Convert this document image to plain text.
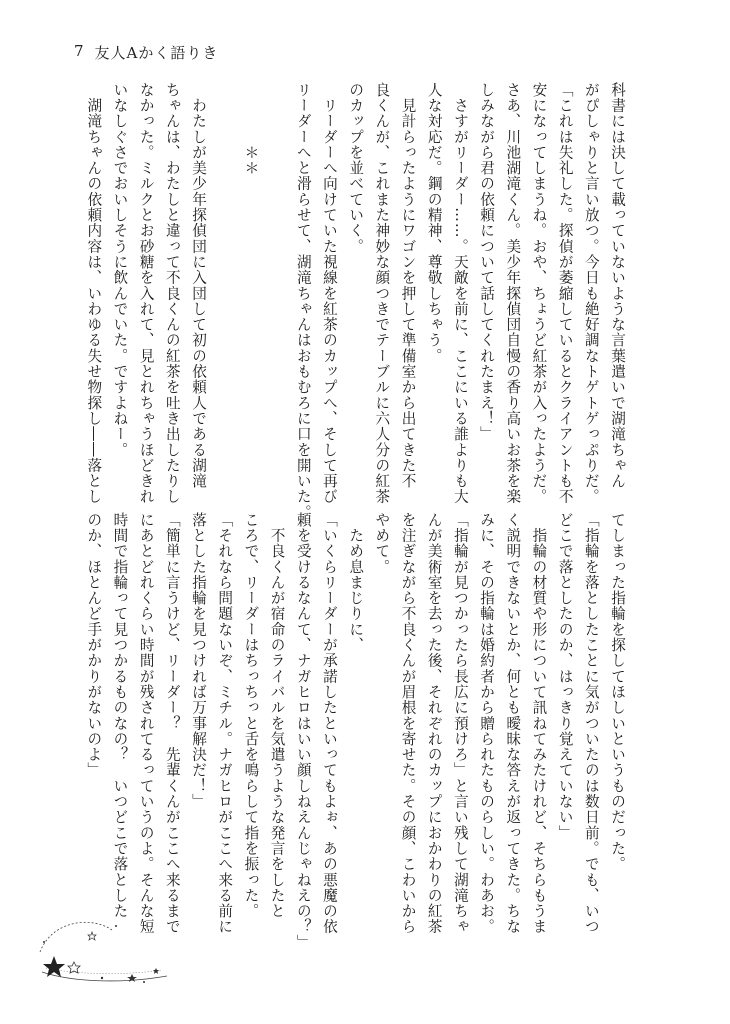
7 友人Aかく語りき
科書には決して載っていないような言葉遣いで湖滝ちゃん
がぴしゃりと言い放つ。今日も絶好調なトゲトゲっぷりだ。
「これは失礼した。探偵が萎縮しているとクライアントも不
安になってしまうね。おや、ちょうど紅茶が入ったようだ。
さあ、川池湖滝くん。美少年探偵団自慢の香り高いお茶を楽
しみながら君の依頼について話してくれたまえ！」
　さすがリーダー……。天敵を前に、ここにいる誰よりも大
人な対応だ。鋼の精神、尊敬しちゃう。
　見計らったようにワゴンを押して準備室から出てきた不
良くんが、これまた神妙な顔つきでテーブルに六人分の紅茶
のカップを並べていく。
　リーダーへ向けていた視線を紅茶のカップへ、そして再び
リーダーへと滑らせて、湖滝ちゃんはおもむろに口を開いた。
　　　　＊＊
　わたしが美少年探偵団に入団して初の依頼人である湖滝
ちゃんは、わたしと違って不良くんの紅茶を吐き出したりし
なかった。ミルクとお砂糖を入れて、見とれちゃうほどきれ
いなしぐさでおいしそうに飲んでいた。ですよねー。
　湖滝ちゃんの依頼内容は、いわゆる失せ物探し――落とし
てしまった指輪を探してほしいというものだった。
「指輪を落としたことに気がついたのは数日前。でも、いつ
どこで落としたのか、はっきり覚えていない」
　指輪の材質や形について訊ねてみたけれど、そちらもうま
く説明できないとか、何とも曖昧な答えが返ってきた。ちな
みに、その指輪は婚約者から贈られたものらしい。わあお。
「指輪が見つかったら長広に預けろ」と言い残して湖滝ちゃ
んが美術室を去った後、それぞれのカップにおかわりの紅茶
を注ぎながら不良くんが眉根を寄せた。その顔、こわいから
やめて。
　ため息まじりに、
「いくらリーダーが承諾したといってもよぉ、あの悪魔の依
頼を受けるなんて、ナガヒロはいい顔しねえんじゃねえの？」
　不良くんが宿命のライバルを気遣うような発言をしたと
ころで、リーダーはちっちっと舌を鳴らして指を振った。
「それなら問題ないぞ、ミチル。ナガヒロがここへ来る前に
落とした指輪を見つければ万事解決だ！」
「簡単に言うけど、リーダー？　先輩くんがここへ来るまで
にあとどれくらい時間が残されてるっていうのよ。そんな短
時間で指輪って見つかるものなの？　いつどこで落とした
のか、ほとんど手がかりがないのよ」
